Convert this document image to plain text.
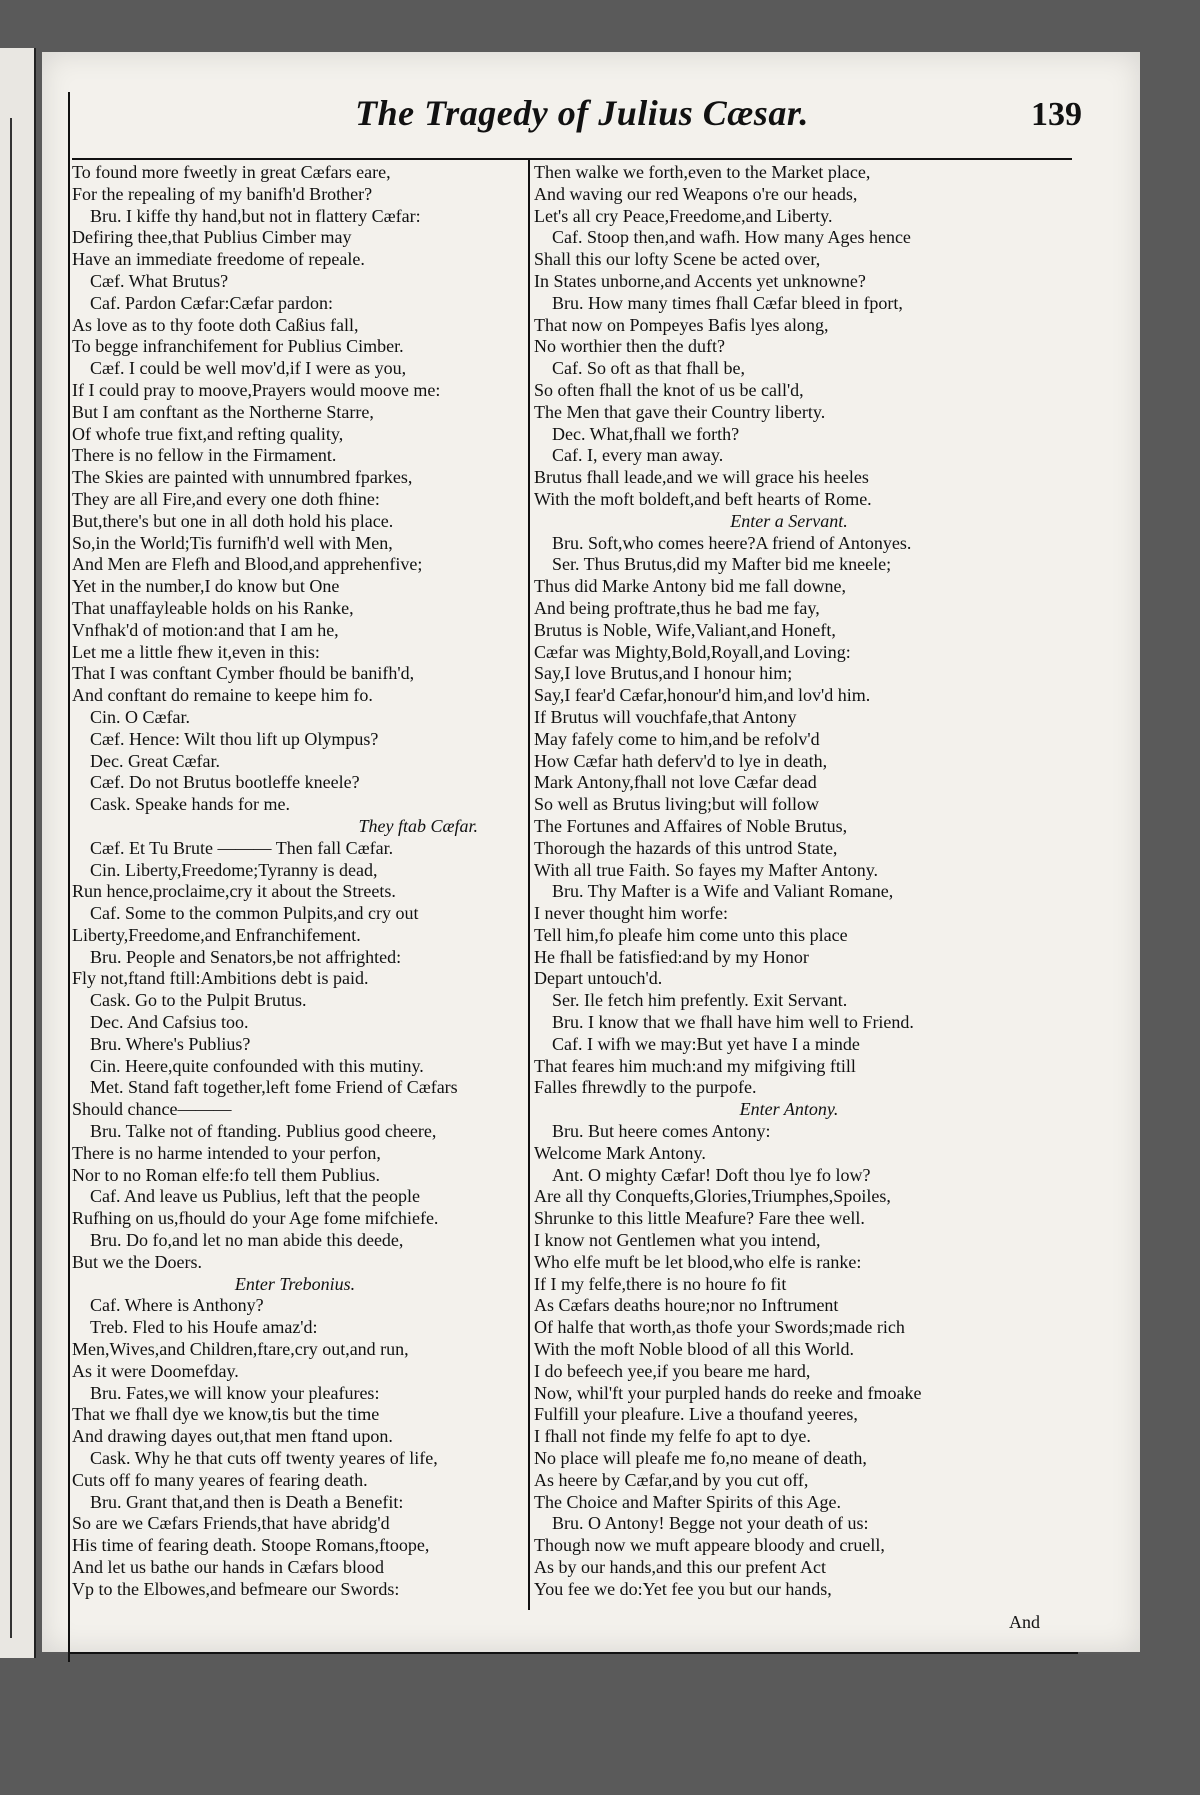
The Tragedy of Julius Cæsar.	139
To found more fweetly in great Cæfars eare,
For the repealing of my banifh'd Brother?
Bru. I kiffe thy hand,but not in flattery Cæfar:
Defiring thee,that Publius Cimber may
Have an immediate freedome of repeale.
Cæf. What Brutus?
Caf. Pardon Cæfar:Cæfar pardon:
As love as to thy foote doth Caßius fall,
To begge infranchifement for Publius Cimber.
Cæf. I could be well mov'd,if I were as you,
If I could pray to moove,Prayers would moove me:
But I am conftant as the Northerne Starre,
Of whofe true fixt,and refting quality,
There is no fellow in the Firmament.
The Skies are painted with unnumbred fparkes,
They are all Fire,and every one doth fhine:
But,there's but one in all doth hold his place.
So,in the World;Tis furnifh'd well with Men,
And Men are Flefh and Blood,and apprehenfive;
Yet in the number,I do know but One
That unaffayleable holds on his Ranke,
Vnfhak'd of motion:and that I am he,
Let me a little fhew it,even in this:
That I was conftant Cymber fhould be banifh'd,
And conftant do remaine to keepe him fo.
Cin. O Cæfar.
Cæf. Hence: Wilt thou lift up Olympus?
Dec. Great Cæfar.
Cæf. Do not Brutus bootleffe kneele?
Cask. Speake hands for me.
They ftab Cæfar.
Cæf. Et Tu Brute ——— Then fall Cæfar.
Cin. Liberty,Freedome;Tyranny is dead,
Run hence,proclaime,cry it about the Streets.
Caf. Some to the common Pulpits,and cry out
Liberty,Freedome,and Enfranchifement.
Bru. People and Senators,be not affrighted:
Fly not,ftand ftill:Ambitions debt is paid.
Cask. Go to the Pulpit Brutus.
Dec. And Cafsius too.
Bru. Where's Publius?
Cin. Heere,quite confounded with this mutiny.
Met. Stand faft together,left fome Friend of Cæfars
Should chance———
Bru. Talke not of ftanding. Publius good cheere,
There is no harme intended to your perfon,
Nor to no Roman elfe:fo tell them Publius.
Caf. And leave us Publius, left that the people
Rufhing on us,fhould do your Age fome mifchiefe.
Bru. Do fo,and let no man abide this deede,
But we the Doers.
Enter Trebonius.
Caf. Where is Anthony?
Treb. Fled to his Houfe amaz'd:
Men,Wives,and Children,ftare,cry out,and run,
As it were Doomefday.
Bru. Fates,we will know your pleafures:
That we fhall dye we know,tis but the time
And drawing dayes out,that men ftand upon.
Cask. Why he that cuts off twenty yeares of life,
Cuts off fo many yeares of fearing death.
Bru. Grant that,and then is Death a Benefit:
So are we Cæfars Friends,that have abridg'd
His time of fearing death. Stoope Romans,ftoope,
And let us bathe our hands in Cæfars blood
Vp to the Elbowes,and befmeare our Swords:
Then walke we forth,even to the Market place,
And waving our red Weapons o're our heads,
Let's all cry Peace,Freedome,and Liberty.
Caf. Stoop then,and wafh. How many Ages hence
Shall this our lofty Scene be acted over,
In States unborne,and Accents yet unknowne?
Bru. How many times fhall Cæfar bleed in fport,
That now on Pompeyes Bafis lyes along,
No worthier then the duft?
Caf. So oft as that fhall be,
So often fhall the knot of us be call'd,
The Men that gave their Country liberty.
Dec. What,fhall we forth?
Caf. I, every man away.
Brutus fhall leade,and we will grace his heeles
With the moft boldeft,and beft hearts of Rome.
Enter a Servant.
Bru. Soft,who comes heere?A friend of Antonyes.
Ser. Thus Brutus,did my Mafter bid me kneele;
Thus did Marke Antony bid me fall downe,
And being proftrate,thus he bad me fay,
Brutus is Noble, Wife,Valiant,and Honeft,
Cæfar was Mighty,Bold,Royall,and Loving:
Say,I love Brutus,and I honour him;
Say,I fear'd Cæfar,honour'd him,and lov'd him.
If Brutus will vouchfafe,that Antony
May fafely come to him,and be refolv'd
How Cæfar hath deferv'd to lye in death,
Mark Antony,fhall not love Cæfar dead
So well as Brutus living;but will follow
The Fortunes and Affaires of Noble Brutus,
Thorough the hazards of this untrod State,
With all true Faith. So fayes my Mafter Antony.
Bru. Thy Mafter is a Wife and Valiant Romane,
I never thought him worfe:
Tell him,fo pleafe him come unto this place
He fhall be fatisfied:and by my Honor
Depart untouch'd.
Ser. Ile fetch him prefently. Exit Servant.
Bru. I know that we fhall have him well to Friend.
Caf. I wifh we may:But yet have I a minde
That feares him much:and my mifgiving ftill
Falles fhrewdly to the purpofe.
Enter Antony.
Bru. But heere comes Antony:
Welcome Mark Antony.
Ant. O mighty Cæfar! Doft thou lye fo low?
Are all thy Conquefts,Glories,Triumphes,Spoiles,
Shrunke to this little Meafure? Fare thee well.
I know not Gentlemen what you intend,
Who elfe muft be let blood,who elfe is ranke:
If I my felfe,there is no houre fo fit
As Cæfars deaths houre;nor no Inftrument
Of halfe that worth,as thofe your Swords;made rich
With the moft Noble blood of all this World.
I do befeech yee,if you beare me hard,
Now, whil'ft your purpled hands do reeke and fmoake
Fulfill your pleafure. Live a thoufand yeeres,
I fhall not finde my felfe fo apt to dye.
No place will pleafe me fo,no meane of death,
As heere by Cæfar,and by you cut off,
The Choice and Mafter Spirits of this Age.
Bru. O Antony! Begge not your death of us:
Though now we muft appeare bloody and cruell,
As by our hands,and this our prefent Act
You fee we do:Yet fee you but our hands,
And
